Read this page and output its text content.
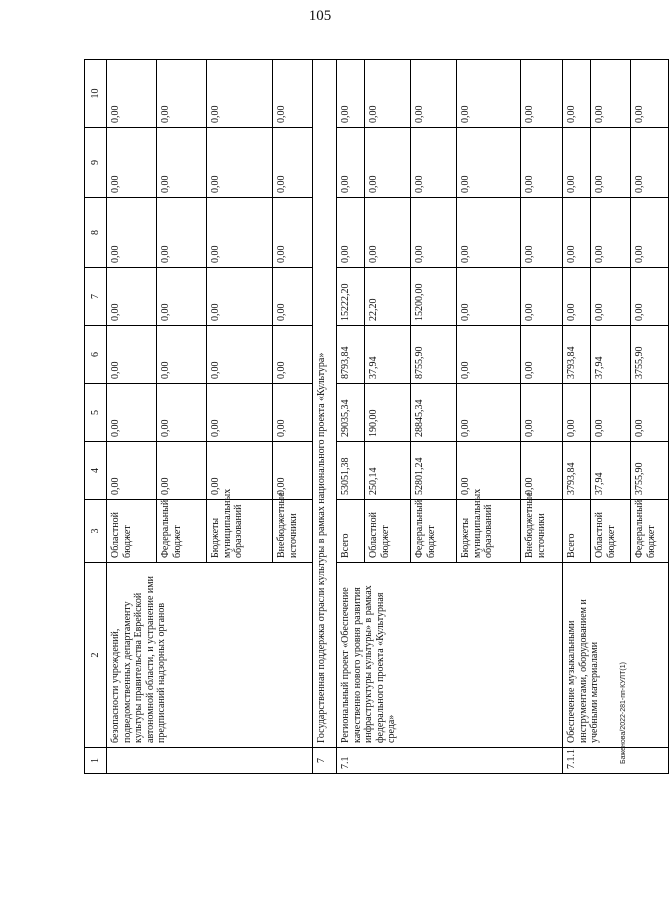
105
1	2	3	4	5	6	7	8	9	10
	безопасности учреждений, подведомственных департаменту культуры правительства Еврейской автономной области, и устранение ими предписаний надзорных органов	Областной бюджет	0,00	0,00	0,00	0,00	0,00	0,00	0,00
		Федеральный бюджет	0,00	0,00	0,00	0,00	0,00	0,00	0,00
		Бюджеты муниципальных образований	0,00	0,00	0,00	0,00	0,00	0,00	0,00
		Внебюджетные источники	0,00	0,00	0,00	0,00	0,00	0,00	0,00
7	Государственная поддержка отрасли культуры в рамках национального проекта «Культура»								
7.1	Региональный проект «Обеспечение качественно нового уровня развития инфраструктуры культуры» в рамках федерального проекта «Культурная среда»	Всего	53051,38	29035,34	8793,84	15222,20	0,00	0,00	0,00
		Областной бюджет	250,14	190,00	37,94	22,20	0,00	0,00	0,00
		Федеральный бюджет	52801,24	28845,34	8755,90	15200,00	0,00	0,00	0,00
		Бюджеты муниципальных образований	0,00	0,00	0,00	0,00	0,00	0,00	0,00
		Внебюджетные источники	0,00	0,00	0,00	0,00	0,00	0,00	0,00
7.1.1	Обеспечение музыкальными инструментами, оборудованием и учебными материалами	Всего	3793,84	0,00	3793,84	0,00	0,00	0,00	0,00
		Областной бюджет	37,94	0,00	37,94	0,00	0,00	0,00	0,00
		Федеральный бюджет	3755,90	0,00	3755,90	0,00	0,00	0,00	0,00
Баженова/2022-281-пп-КУЛТ(1)
